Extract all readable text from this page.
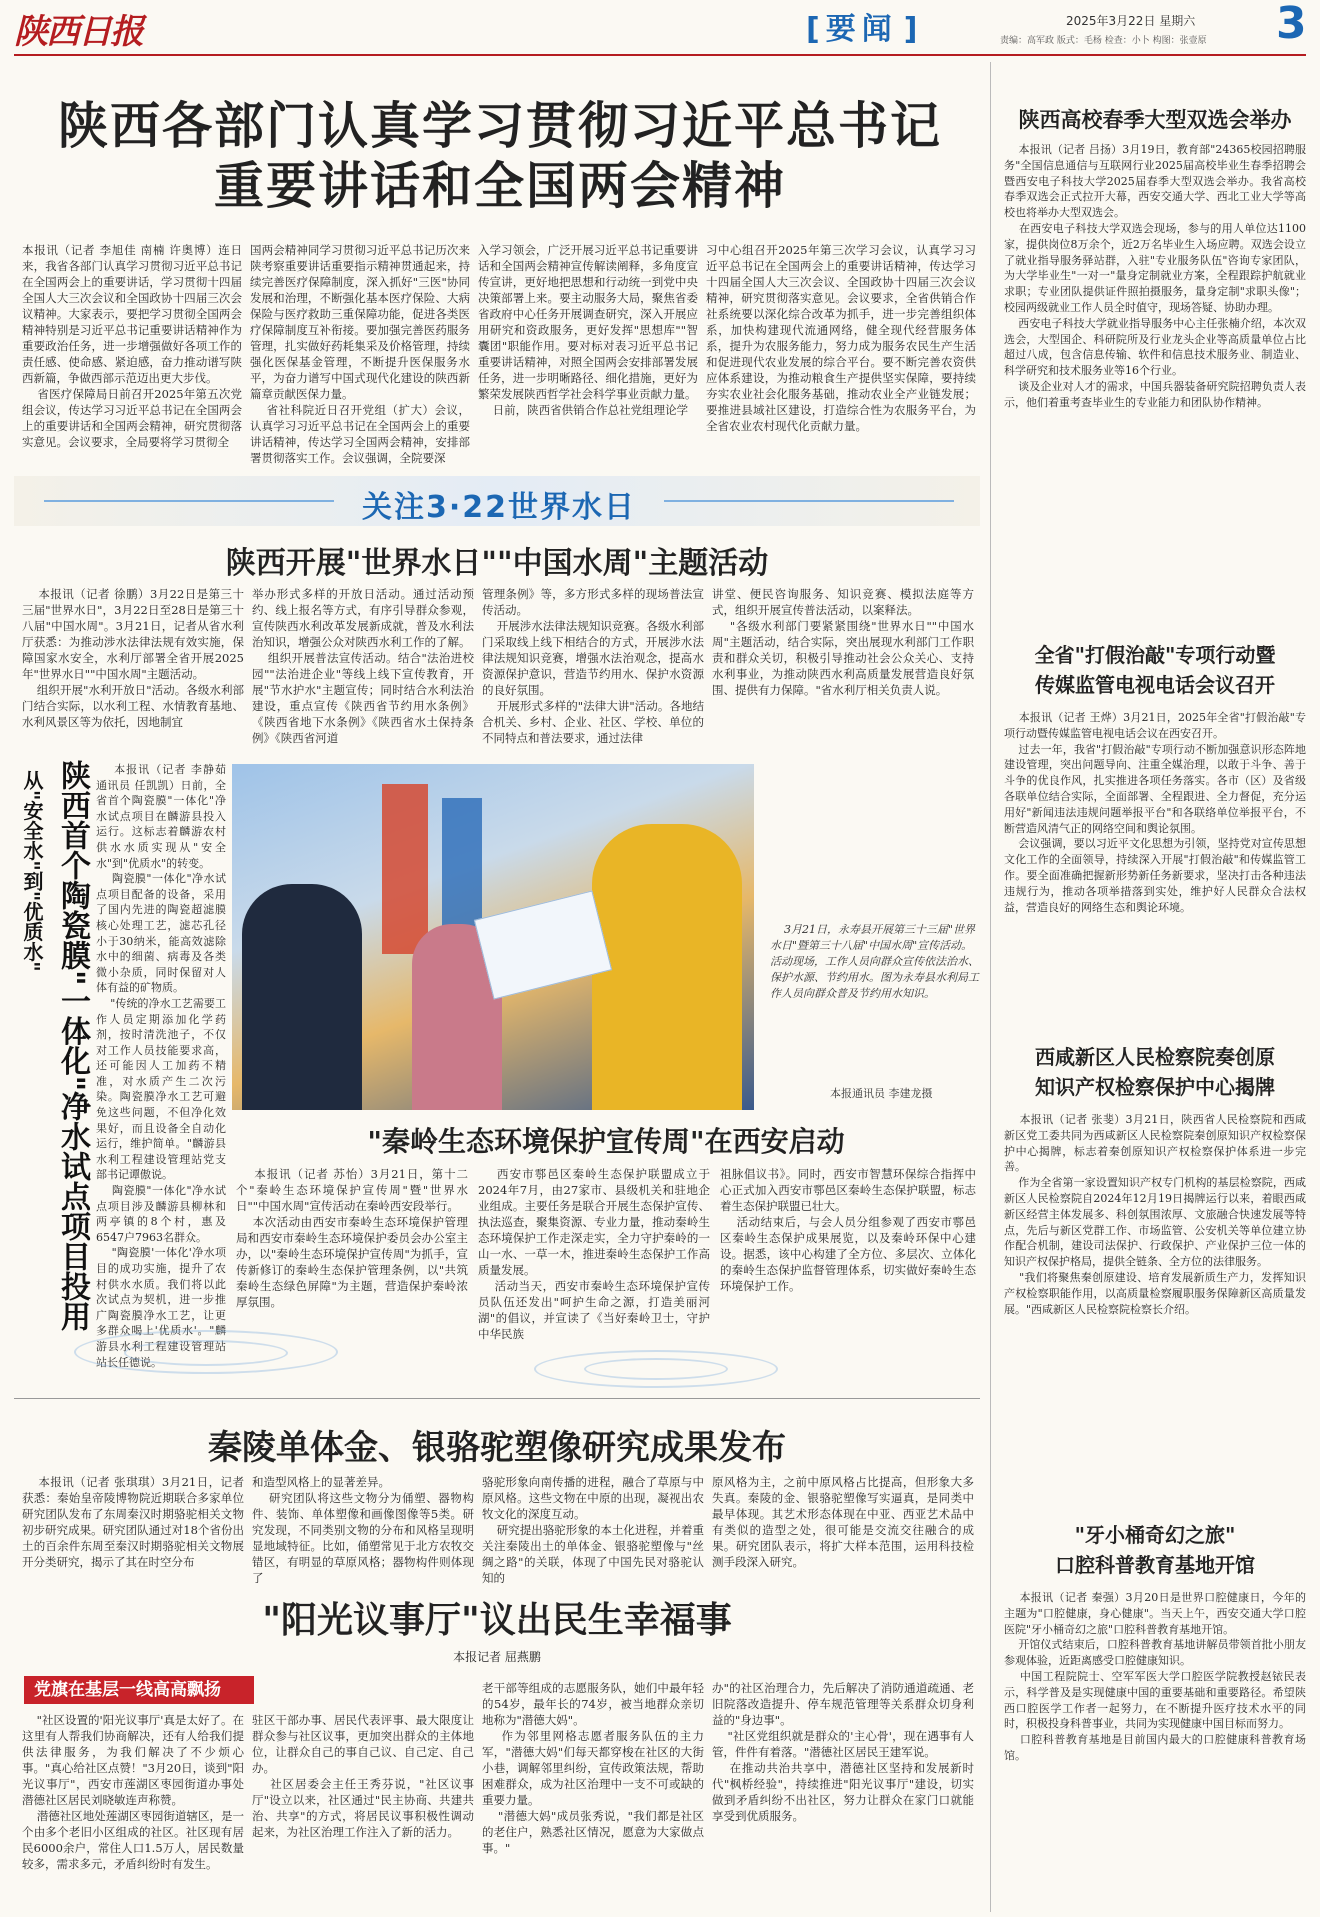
陕西日报	[ 要闻 ]	2025年3月22日 星期六
责编：高军政 版式：毛杨 检查：小卜 构图：张壹原 3
陕西各部门认真学习贯彻习近平总书记
重要讲话和全国两会精神
本报讯（记者 李旭佳 南楠 许奥博）连日来，我省各部门认真学习贯彻习近平总书记在全国两会上的重要讲话，学习贯彻十四届全国人大三次会议和全国政协十四届三次会议精神。大家表示，要把学习贯彻全国两会精神特别是习近平总书记重要讲话精神作为重要政治任务，进一步增强做好各项工作的责任感、使命感、紧迫感，奋力推动谱写陕西新篇，争做西部示范迈出更大步伐。
省医疗保障局日前召开2025年第五次党组会议，传达学习习近平总书记在全国两会上的重要讲话和全国两会精神，研究贯彻落实意见。会议要求，全局要将学习贯彻全
国两会精神同学习贯彻习近平总书记历次来陕考察重要讲话重要指示精神贯通起来，持续完善医疗保障制度，深入抓好"三医"协同发展和治理，不断强化基本医疗保险、大病保险与医疗救助三重保障功能，促进各类医疗保障制度互补衔接。要加强完善医药服务管理，扎实做好药耗集采及价格管理，持续强化医保基金管理，不断提升医保服务水平，为奋力谱写中国式现代化建设的陕西新篇章贡献医保力量。
省社科院近日召开党组（扩大）会议，认真学习习近平总书记在全国两会上的重要讲话精神，传达学习全国两会精神，安排部署贯彻落实工作。会议强调，全院要深
入学习领会，广泛开展习近平总书记重要讲话和全国两会精神宣传解读阐释，多角度宣传宣讲，更好地把思想和行动统一到党中央决策部署上来。要主动服务大局，聚焦省委省政府中心任务开展调查研究，深入开展应用研究和资政服务，更好发挥"思想库""智囊团"职能作用。要对标对表习近平总书记重要讲话精神，对照全国两会安排部署发展任务，进一步明晰路径、细化措施，更好为繁荣发展陕西哲学社会科学事业贡献力量。
日前，陕西省供销合作总社党组理论学
习中心组召开2025年第三次学习会议，认真学习习近平总书记在全国两会上的重要讲话精神，传达学习十四届全国人大三次会议、全国政协十四届三次会议精神，研究贯彻落实意见。会议要求，全省供销合作社系统要以深化综合改革为抓手，进一步完善组织体系，加快构建现代流通网络，健全现代经营服务体系，提升为农服务能力，努力成为服务农民生产生活和促进现代农业发展的综合平台。要不断完善农资供应体系建设，为推动粮食生产提供坚实保障，要持续夯实农业社会化服务基础，推动农业全产业链发展；要推进县域社区建设，打造综合性为农服务平台，为全省农业农村现代化贡献力量。
关注3·22世界水日
陕西开展"世界水日""中国水周"主题活动
本报讯（记者 徐鹏）3月22日是第三十三届"世界水日"，3月22日至28日是第三十八届"中国水周"。3月21日，记者从省水利厅获悉：为推动涉水法律法规有效实施，保障国家水安全，水利厅部署全省开展2025年"世界水日""中国水周"主题活动。
组织开展"水利开放日"活动。各级水利部门结合实际，以水利工程、水情教育基地、水利风景区等为依托，因地制宜
举办形式多样的开放日活动。通过活动预约、线上报名等方式，有序引导群众参观，宣传陕西水利改革发展新成就，普及水利法治知识，增强公众对陕西水利工作的了解。
组织开展普法宣传活动。结合"法治进校园""法治进企业"等线上线下宣传教育，开展"节水护水"主题宣传；同时结合水利法治建设，重点宣传《陕西省节约用水条例》《陕西省地下水条例》《陕西省水土保持条例》《陕西省河道
管理条例》等，多方形式多样的现场普法宣传活动。
开展涉水法律法规知识竞赛。各级水利部门采取线上线下相结合的方式，开展涉水法律法规知识竞赛，增强水法治观念，提高水资源保护意识，营造节约用水、保护水资源的良好氛围。
开展形式多样的"法律大讲"活动。各地结合机关、乡村、企业、社区、学校、单位的不同特点和普法要求，通过法律
讲堂、便民咨询服务、知识竞赛、模拟法庭等方式，组织开展宣传普法活动，以案释法。
"各级水利部门要紧紧围绕"世界水日""中国水周"主题活动，结合实际，突出展现水利部门工作职责和群众关切，积极引导推动社会公众关心、支持水利事业，为推动陕西水利高质量发展营造良好氛围、提供有力保障。"省水利厅相关负责人说。
从"安全水"到"优质水" 陕西首个陶瓷膜"一体化"净水试点项目投用	本报讯（记者 李静茹 通讯员 任凯凯）日前，全省首个陶瓷膜"一体化"净水试点项目在麟游县投入运行。这标志着麟游农村供水水质实现从"安全水"到"优质水"的转变。
陶瓷膜"一体化"净水试点项目配备的设备，采用了国内先进的陶瓷超滤膜核心处理工艺，滤芯孔径小于30纳米，能高效滤除水中的细菌、病毒及各类微小杂质，同时保留对人体有益的矿物质。
"传统的净水工艺需要工作人员定期添加化学药剂，按时清洗池子，不仅对工作人员技能要求高，还可能因人工加药不精准，对水质产生二次污染。陶瓷膜净水工艺可避免这些问题，不但净化效果好，而且设备全自动化运行，维护简单。"麟游县水利工程建设管理站党支部书记谭傲说。
陶瓷膜"一体化"净水试点项目涉及麟游县柳林和两亭镇的8个村，惠及6547户7963名群众。
"陶瓷膜'一体化'净水项目的成功实施，提升了农村供水水质。我们将以此次试点为契机，进一步推广陶瓷膜净水工艺，让更多群众喝上'优质水'。"麟游县水利工程建设管理站站长任德说。
3月21日，永寿县开展第三十三届"世界水日"暨第三十八届"中国水周"宣传活动。活动现场，工作人员向群众宣传依法治水、保护水源、节约用水。图为永寿县水利局工作人员向群众普及节约用水知识。
本报通讯员 李建龙摄
"秦岭生态环境保护宣传周"在西安启动
本报讯（记者 苏怡）3月21日，第十二个"秦岭生态环境保护宣传周"暨"世界水日""中国水周"宣传活动在秦岭西安段举行。
本次活动由西安市秦岭生态环境保护管理局和西安市秦岭生态环境保护委员会办公室主办，以"秦岭生态环境保护宣传周"为抓手，宣传新修订的秦岭生态保护管理条例，以"共筑秦岭生态绿色屏障"为主题，营造保护秦岭浓厚氛围。
西安市鄠邑区秦岭生态保护联盟成立于2024年7月，由27家市、县级机关和驻地企业组成。主要任务是联合开展生态保护宣传、执法巡查，聚集资源、专业力量，推动秦岭生态环境保护工作走深走实，全力守护秦岭的一山一水、一草一木，推进秦岭生态保护工作高质量发展。
活动当天，西安市秦岭生态环境保护宣传员队伍还发出"呵护生命之源，打造美丽河湖"的倡议，并宣读了《当好秦岭卫士，守护中华民族
祖脉倡议书》。同时，西安市智慧环保综合指挥中心正式加入西安市鄠邑区秦岭生态保护联盟，标志着生态保护联盟已壮大。
活动结束后，与会人员分组参观了西安市鄠邑区秦岭生态保护成果展览，以及秦岭环保中心建设。据悉，该中心构建了全方位、多层次、立体化的秦岭生态保护监督管理体系，切实做好秦岭生态环境保护工作。
秦陵单体金、银骆驼塑像研究成果发布
本报讯（记者 张琪琪）3月21日，记者获悉：秦始皇帝陵博物院近期联合多家单位研究团队发布了东周秦汉时期骆驼相关文物初步研究成果。研究团队通过对18个省份出土的百余件东周至秦汉时期骆驼相关文物展开分类研究，揭示了其在时空分布
和造型风格上的显著差异。
研究团队将这些文物分为俑塑、器物构件、装饰、单体塑像和画像图像等5类。研究发现，不同类别文物的分布和风格呈现明显地域特征。比如，俑塑常见于北方农牧交错区，有明显的草原风格；器物构件则体现了
骆驼形象向南传播的进程，融合了草原与中原风格。这些文物在中原的出现，凝视出农牧文化的深度互动。
研究提出骆驼形象的本土化进程，并着重关注秦陵出土的单体金、银骆驼塑像与"丝绸之路"的关联，体现了中国先民对骆驼认知的
原风格为主，之前中原风格占比提高，但形象大多失真。秦陵的金、银骆驼塑像写实逼真，是同类中最早体现。其艺术形态体现在中亚、西亚艺术品中有类似的造型之处，很可能是交流交往融合的成果。研究团队表示，将扩大样本范围，运用科技检测手段深入研究。
"阳光议事厅"议出民生幸福事
本报记者 屈燕鹏
党旗在基层一线高高飘扬
"社区设置的'阳光议事厅'真是太好了。在这里有人帮我们协商解决，还有人给我们提供法律服务，为我们解决了不少烦心事。"真心给社区点赞！"3月20日，谈到"阳光议事厅"，西安市莲湖区枣园街道办事处潜德社区居民刘晓敏连声称赞。
潜德社区地处莲湖区枣园街道辖区，是一个由多个老旧小区组成的社区。社区现有居民6000余户，常住人口1.5万人，居民数量较多，需求多元，矛盾纠纷时有发生。
驻区干部办事、居民代表评事、最大限度让群众参与社区议事，更加突出群众的主体地位，让群众自己的事自己议、自己定、自己办。
社区居委会主任王秀芬说，"社区议事厅"设立以来，社区通过"民主协商、共建共治、共享"的方式，将居民议事积极性调动起来，为社区治理工作注入了新的活力。
老干部等组成的志愿服务队，她们中最年轻的54岁，最年长的74岁，被当地群众亲切地称为"潜德大妈"。
作为邻里网格志愿者服务队伍的主力军，"潜德大妈"们每天都穿梭在社区的大街小巷，调解邻里纠纷，宣传政策法规，帮助困难群众，成为社区治理中一支不可或缺的重要力量。
"潜德大妈"成员张秀说，"我们都是社区的老住户，熟悉社区情况，愿意为大家做点事。"
办"的社区治理合力，先后解决了消防通道疏通、老旧院落改造提升、停车规范管理等关系群众切身利益的"身边事"。
"社区党组织就是群众的'主心骨'，现在遇事有人管，件件有着落。"潜德社区居民王建军说。
在推动共治共享中，潜德社区坚持和发展新时代"枫桥经验"，持续推进"阳光议事厅"建设，切实做到矛盾纠纷不出社区，努力让群众在家门口就能享受到优质服务。
陕西高校春季大型双选会举办
本报讯（记者 吕扬）3月19日，教育部"24365校园招聘服务"全国信息通信与互联网行业2025届高校毕业生春季招聘会暨西安电子科技大学2025届春季大型双选会举办。我省高校春季双选会正式拉开大幕，西安交通大学、西北工业大学等高校也将举办大型双选会。
在西安电子科技大学双选会现场，参与的用人单位达1100家，提供岗位8万余个，近2万名毕业生入场应聘。双选会设立了就业指导服务驿站群，入驻"专业服务队伍"咨询专家团队，为大学毕业生"一对一"量身定制就业方案，全程跟踪护航就业求职；专业团队提供证件照拍摄服务，量身定制"求职头像"；校园两级就业工作人员全时值守，现场答疑、协助办理。
西安电子科技大学就业指导服务中心主任张楠介绍，本次双选会，大型国企、科研院所及行业龙头企业等高质量单位占比超过八成，包含信息传输、软件和信息技术服务业、制造业、科学研究和技术服务业等16个行业。
谈及企业对人才的需求，中国兵器装备研究院招聘负责人表示，他们着重考查毕业生的专业能力和团队协作精神。
全省"打假治敲"专项行动暨
传媒监管电视电话会议召开
本报讯（记者 王烨）3月21日，2025年全省"打假治敲"专项行动暨传媒监管电视电话会议在西安召开。
过去一年，我省"打假治敲"专项行动不断加强意识形态阵地建设管理，突出问题导向、注重全媒治理，以敢于斗争、善于斗争的优良作风，扎实推进各项任务落实。各市（区）及省级各联单位结合实际，全面部署、全程跟进、全力督促，充分运用好"新闻违法违规问题举报平台"和各联络单位举报平台，不断营造风清气正的网络空间和舆论氛围。
会议强调，要以习近平文化思想为引领，坚持党对宣传思想文化工作的全面领导，持续深入开展"打假治敲"和传媒监管工作。要全面准确把握新形势新任务新要求，坚决打击各种违法违规行为，推动各项举措落到实处，维护好人民群众合法权益，营造良好的网络生态和舆论环境。
西咸新区人民检察院奏创原
知识产权检察保护中心揭牌
本报讯（记者 张斐）3月21日，陕西省人民检察院和西咸新区党工委共同为西咸新区人民检察院秦创原知识产权检察保护中心揭牌，标志着秦创原知识产权检察保护体系进一步完善。
作为全省第一家设置知识产权专门机构的基层检察院，西咸新区人民检察院自2024年12月19日揭牌运行以来，着眼西咸新区经营主体发展多、科创氛围浓厚、文旅融合快速发展等特点，先后与新区党群工作、市场监管、公安机关等单位建立协作配合机制，建设司法保护、行政保护、产业保护三位一体的知识产权保护格局，提供全链条、全方位的法律服务。
"我们将聚焦秦创原建设、培育发展新质生产力，发挥知识产权检察职能作用，以高质量检察履职服务保障新区高质量发展。"西咸新区人民检察院检察长介绍。
"牙小桶奇幻之旅"
口腔科普教育基地开馆
本报讯（记者 秦强）3月20日是世界口腔健康日，今年的主题为"口腔健康，身心健康"。当天上午，西安交通大学口腔医院"牙小桶奇幻之旅"口腔科普教育基地开馆。
开馆仪式结束后，口腔科普教育基地讲解员带领首批小朋友参观体验，近距离感受口腔健康知识。
中国工程院院士、空军军医大学口腔医学院教授赵铱民表示，科学普及是实现健康中国的重要基础和重要路径。希望陕西口腔医学工作者一起努力，在不断提升医疗技术水平的同时，积极投身科普事业，共同为实现健康中国目标而努力。
口腔科普教育基地是目前国内最大的口腔健康科普教育场馆。
